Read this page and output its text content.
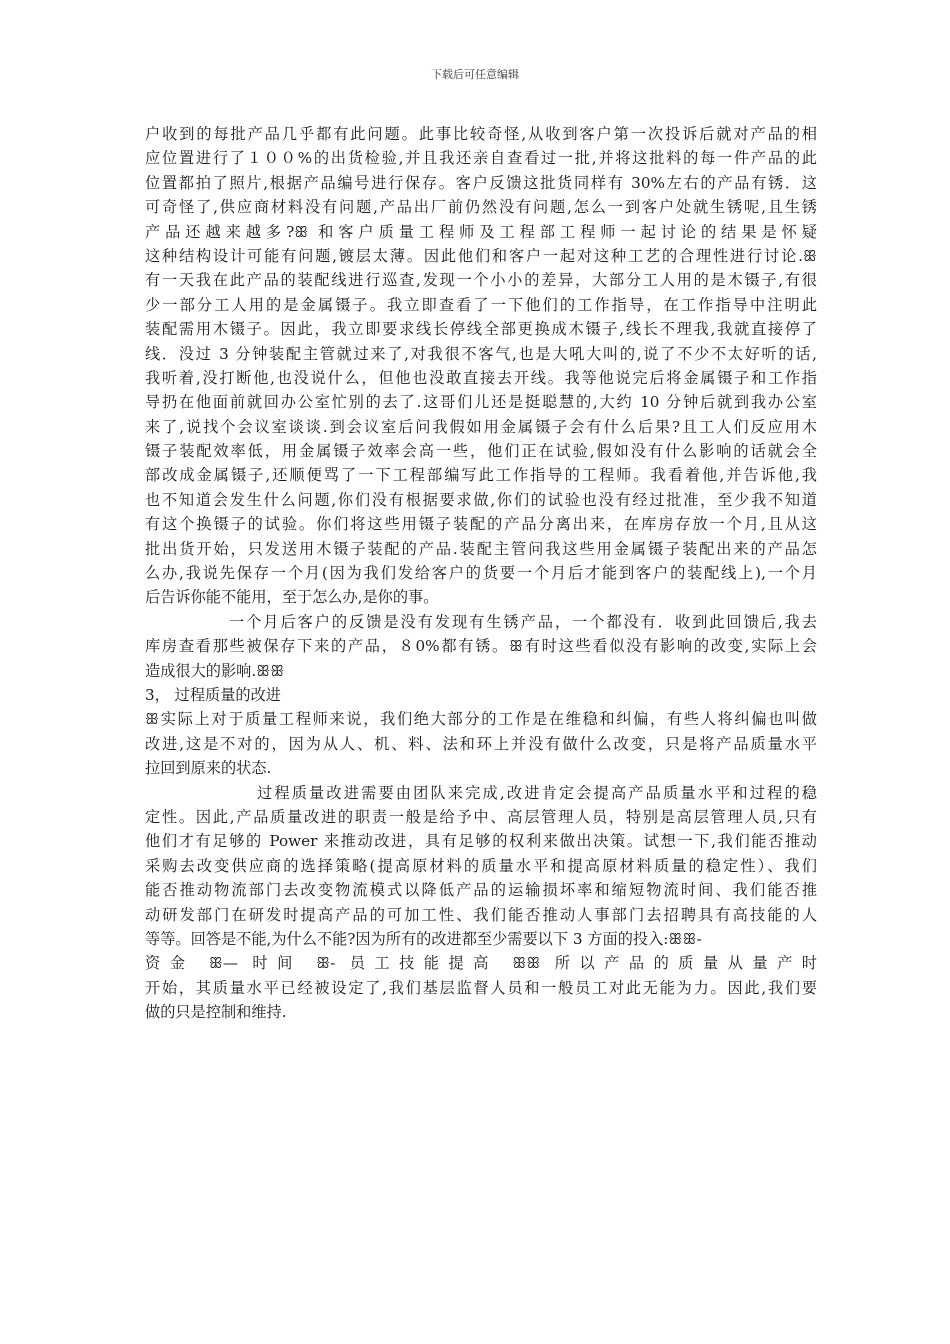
下载后可任意编辑
户收到的每批产品几乎都有此问题。此事比较奇怪,从收到客户第一次投诉后就对产品的相
应位置进行了１００%的出货检验,并且我还亲自查看过一批,并将这批料的每一件产品的此
位置都拍了照片,根据产品编号进行保存。客户反馈这批货同样有 30%左右的产品有锈．这
可奇怪了,供应商材料没有问题,产品出厂前仍然没有问题,怎么一到客户处就生锈呢,且生锈
产品还越来越多?ꕥ 和客户质量工程师及工程部工程师一起讨论的结果是怀疑
这种结构设计可能有问题,镀层太薄。因此他们和客户一起对这种工艺的合理性进行讨论.ꕥ
有一天我在此产品的装配线进行巡查,发现一个小小的差异，大部分工人用的是木镊子,有很
少一部分工人用的是金属镊子。我立即查看了一下他们的工作指导，在工作指导中注明此
装配需用木镊子。因此，我立即要求线长停线全部更换成木镊子,线长不理我,我就直接停了
线．没过 3 分钟装配主管就过来了,对我很不客气,也是大吼大叫的,说了不少不太好听的话,
我听着,没打断他,也没说什么，但他也没敢直接去开线。我等他说完后将金属镊子和工作指
导扔在他面前就回办公室忙别的去了.这哥们儿还是挺聪慧的,大约 10 分钟后就到我办公室
来了,说找个会议室谈谈.到会议室后问我假如用金属镊子会有什么后果?且工人们反应用木
镊子装配效率低，用金属镊子效率会高一些，他们正在试验,假如没有什么影响的话就会全
部改成金属镊子,还顺便骂了一下工程部编写此工作指导的工程师。我看着他,并告诉他,我
也不知道会发生什么问题,你们没有根据要求做,你们的试验也没有经过批准，至少我不知道
有这个换镊子的试验。你们将这些用镊子装配的产品分离出来，在库房存放一个月,且从这
批出货开始，只发送用木镊子装配的产品.装配主管问我这些用金属镊子装配出来的产品怎
么办,我说先保存一个月(因为我们发给客户的货要一个月后才能到客户的装配线上),一个月
后告诉你能不能用，至于怎么办,是你的事。
一个月后客户的反馈是没有发现有生锈产品，一个都没有．收到此回馈后,我去
库房查看那些被保存下来的产品，８0%都有锈。ꕥ有时这些看似没有影响的改变,实际上会
造成很大的影响.ꕥꕥ
3， 过程质量的改进
ꕥ实际上对于质量工程师来说，我们绝大部分的工作是在维稳和纠偏，有些人将纠偏也叫做
改进,这是不对的，因为从人、机、料、法和环上并没有做什么改变，只是将产品质量水平
拉回到原来的状态.
过程质量改进需要由团队来完成,改进肯定会提高产品质量水平和过程的稳
定性。因此,产品质量改进的职责一般是给予中、高层管理人员，特别是高层管理人员,只有
他们才有足够的 Power 来推动改进，具有足够的权利来做出决策。试想一下,我们能否推动
采购去改变供应商的选择策略(提高原材料的质量水平和提高原材料质量的稳定性）、我们
能否推动物流部门去改变物流模式以降低产品的运输损坏率和缩短物流时间、我们能否推
动研发部门在研发时提高产品的可加工性、我们能否推动人事部门去招聘具有高技能的人
等等。回答是不能,为什么不能?因为所有的改进都至少需要以下 3 方面的投入:ꕥꕥ-
资金 ꕥ— 时间 ꕥ- 员工技能提高 ꕥꕥ 所以产品的质量从量产时
开始，其质量水平已经被设定了,我们基层监督人员和一般员工对此无能为力。因此,我们要
做的只是控制和维持.
